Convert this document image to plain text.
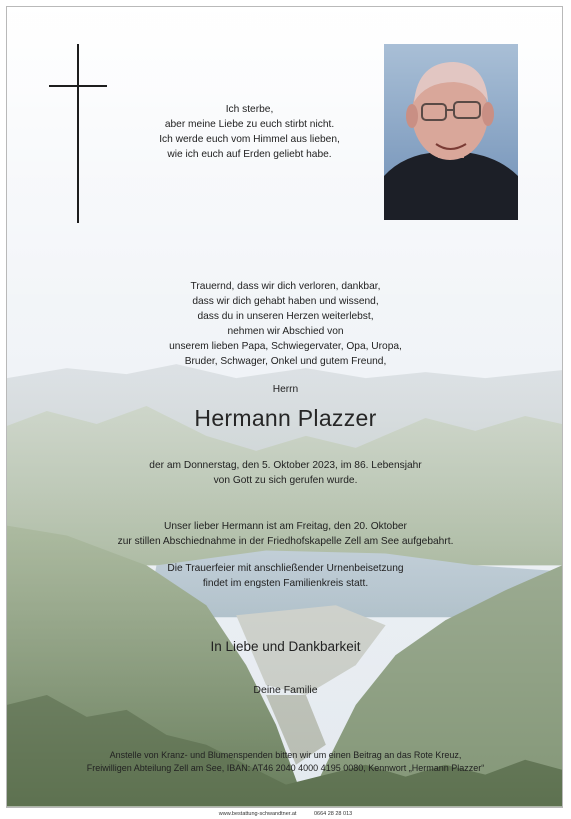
Ich sterbe,
aber meine Liebe zu euch stirbt nicht.
Ich werde euch vom Himmel aus lieben,
wie ich euch auf Erden geliebt habe.
Trauernd, dass wir dich verloren, dankbar,
dass wir dich gehabt haben und wissend,
dass du in unseren Herzen weiterlebst,
nehmen wir Abschied von
unserem lieben Papa, Schwiegervater, Opa, Uropa,
Bruder, Schwager, Onkel und gutem Freund,
Herrn
Hermann Plazzer
der am Donnerstag, den 5. Oktober 2023, im 86. Lebensjahr
von Gott zu sich gerufen wurde.
Unser lieber Hermann ist am Freitag, den 20. Oktober
zur stillen Abschiednahme in der Friedhofskapelle Zell am See aufgebahrt.
Die Trauerfeier mit anschließender Urnenbeisetzung
findet im engsten Familienkreis statt.
In Liebe und Dankbarkeit
Deine Familie
Anstelle von Kranz- und Blumenspenden bitten wir um einen Beitrag an das Rote Kreuz,
Freiwilligen Abteilung Zell am See, IBAN: AT46 2040 4000 4195 0080, Kennwort „Hermann Plazzer“
www.bestattung-schwandtner.at	0664 28 28 013
